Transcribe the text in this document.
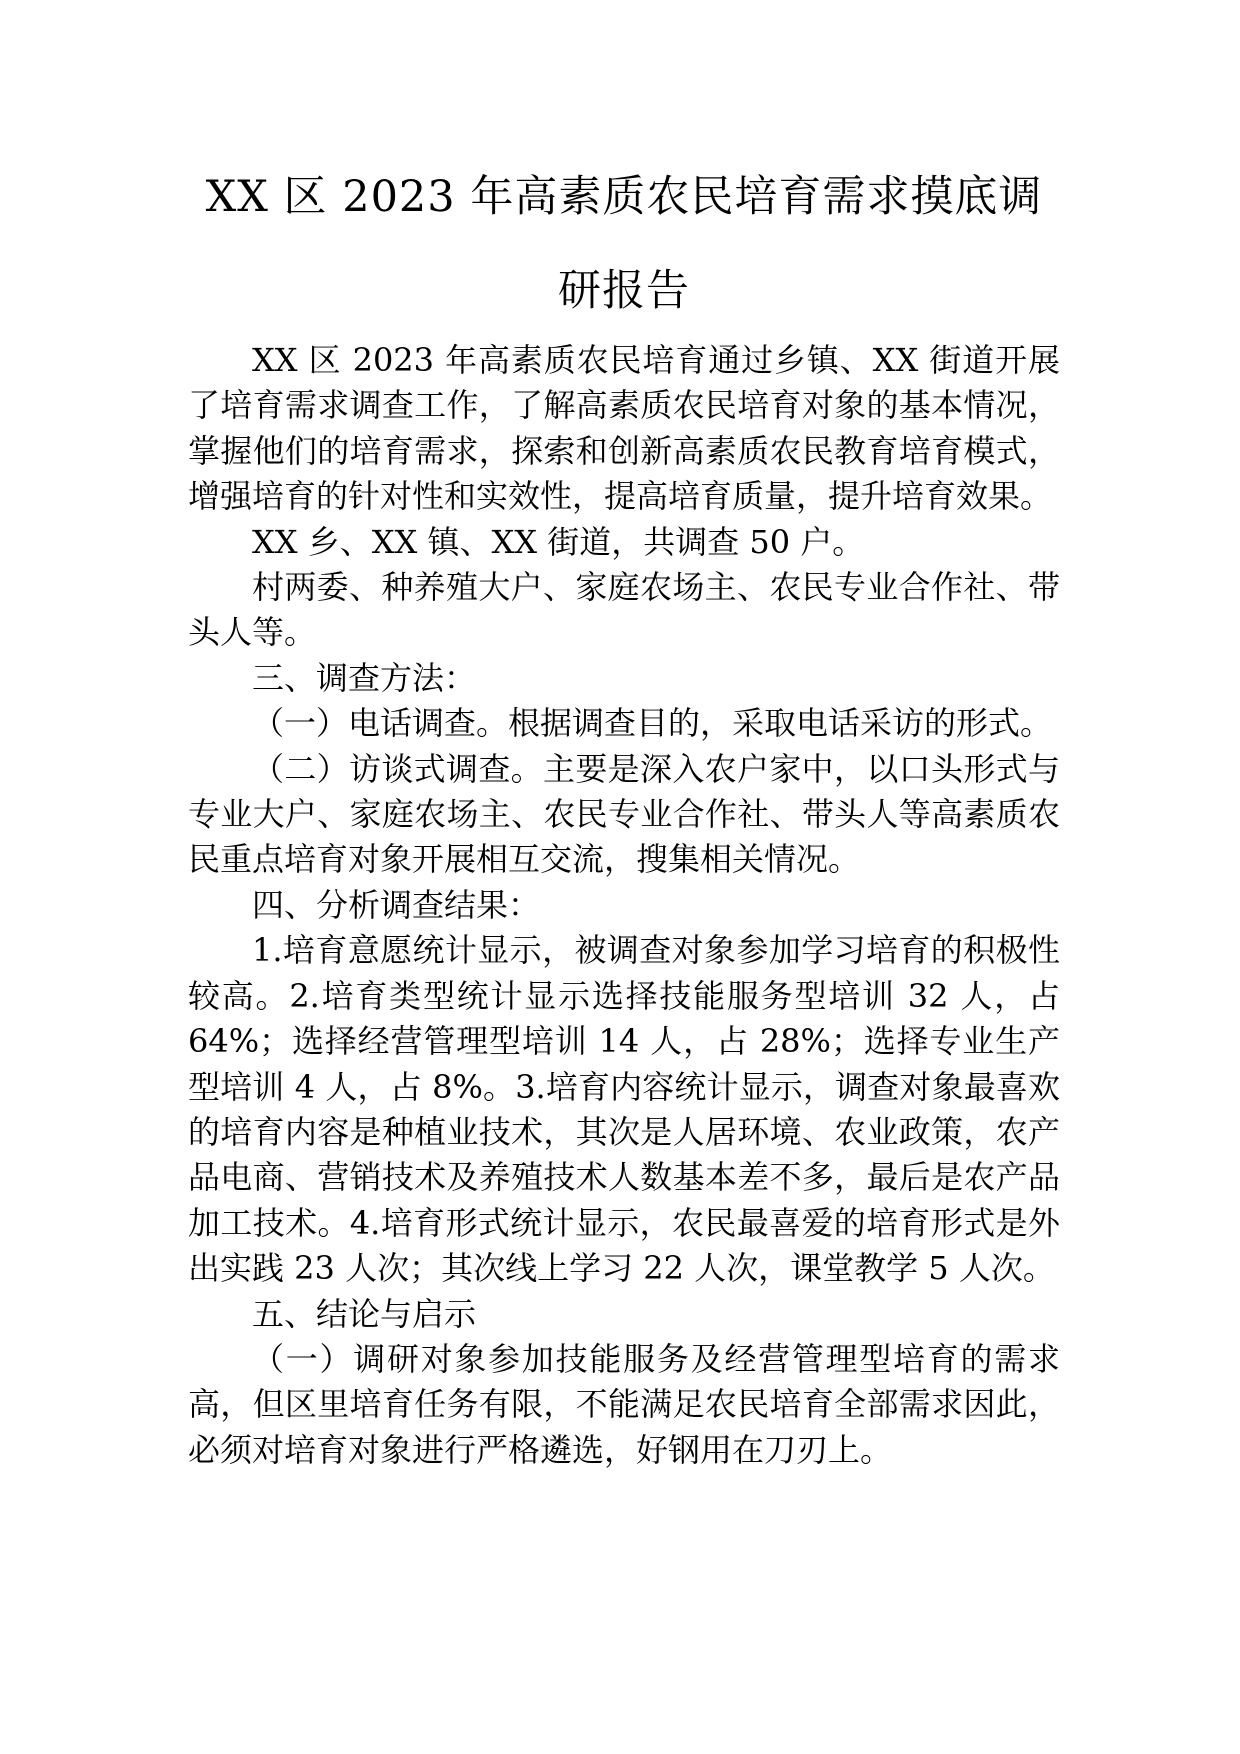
XX 区 2023 年高素质农民培育需求摸底调
研报告

XX 区 2023 年高素质农民培育通过乡镇、XX 街道开展了培育需求调查工作，了解高素质农民培育对象的基本情况，掌握他们的培育需求，探索和创新高素质农民教育培育模式，增强培育的针对性和实效性，提高培育质量，提升培育效果。

XX 乡、XX 镇、XX 街道，共调查 50 户。

村两委、种养殖大户、家庭农场主、农民专业合作社、带头人等。

三、调查方法：

（一）电话调查。根据调查目的，采取电话采访的形式。

（二）访谈式调查。主要是深入农户家中，以口头形式与专业大户、家庭农场主、农民专业合作社、带头人等高素质农民重点培育对象开展相互交流，搜集相关情况。

四、分析调查结果：

1.培育意愿统计显示，被调查对象参加学习培育的积极性较高。2.培育类型统计显示选择技能服务型培训 32 人，占 64%；选择经营管理型培训 14 人，占 28%；选择专业生产型培训 4 人，占 8%。3.培育内容统计显示，调查对象最喜欢的培育内容是种植业技术，其次是人居环境、农业政策，农产品电商、营销技术及养殖技术人数基本差不多，最后是农产品加工技术。4.培育形式统计显示，农民最喜爱的培育形式是外出实践 23 人次；其次线上学习 22 人次，课堂教学 5 人次。

五、结论与启示

（一）调研对象参加技能服务及经营管理型培育的需求高，但区里培育任务有限，不能满足农民培育全部需求因此，必须对培育对象进行严格遴选，好钢用在刀刃上。
